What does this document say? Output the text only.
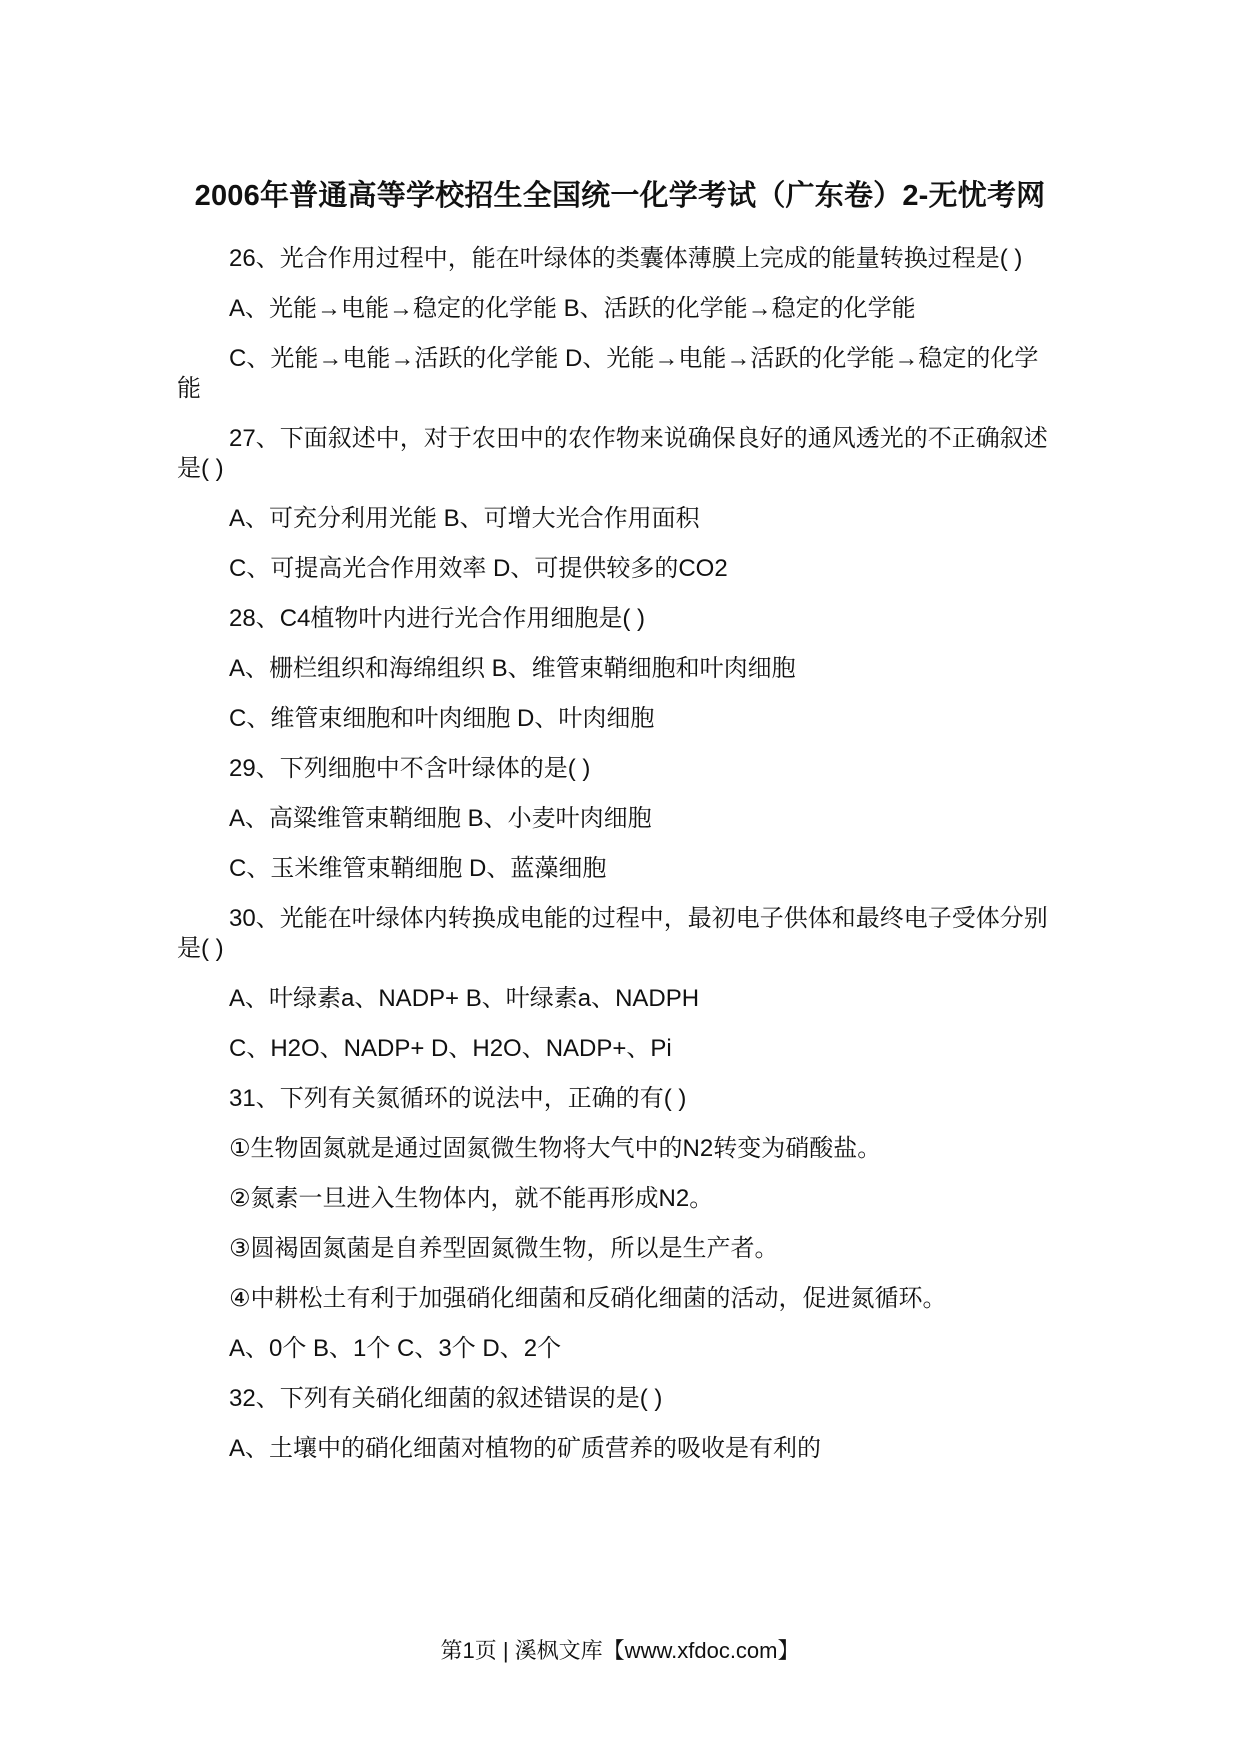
2006年普通高等学校招生全国统一化学考试（广东卷）2-无忧考网

26、光合作用过程中，能在叶绿体的类囊体薄膜上完成的能量转换过程是( )

A、光能→电能→稳定的化学能 B、活跃的化学能→稳定的化学能

C、光能→电能→活跃的化学能 D、光能→电能→活跃的化学能→稳定的化学能

27、下面叙述中，对于农田中的农作物来说确保良好的通风透光的不正确叙述是( )

A、可充分利用光能 B、可增大光合作用面积

C、可提高光合作用效率 D、可提供较多的CO2

28、C4植物叶内进行光合作用细胞是( )

A、栅栏组织和海绵组织 B、维管束鞘细胞和叶肉细胞

C、维管束细胞和叶肉细胞 D、叶肉细胞

29、下列细胞中不含叶绿体的是( )

A、高粱维管束鞘细胞 B、小麦叶肉细胞

C、玉米维管束鞘细胞 D、蓝藻细胞

30、光能在叶绿体内转换成电能的过程中，最初电子供体和最终电子受体分别是( )

A、叶绿素a、NADP+ B、叶绿素a、NADPH

C、H2O、NADP+ D、H2O、NADP+、Pi

31、下列有关氮循环的说法中，正确的有( )

①生物固氮就是通过固氮微生物将大气中的N2转变为硝酸盐。

②氮素一旦进入生物体内，就不能再形成N2。

③圆褐固氮菌是自养型固氮微生物，所以是生产者。

④中耕松土有利于加强硝化细菌和反硝化细菌的活动，促进氮循环。

A、0个 B、1个 C、3个 D、2个

32、下列有关硝化细菌的叙述错误的是( )

A、土壤中的硝化细菌对植物的矿质营养的吸收是有利的

第1页 | 溪枫文库【www.xfdoc.com】
